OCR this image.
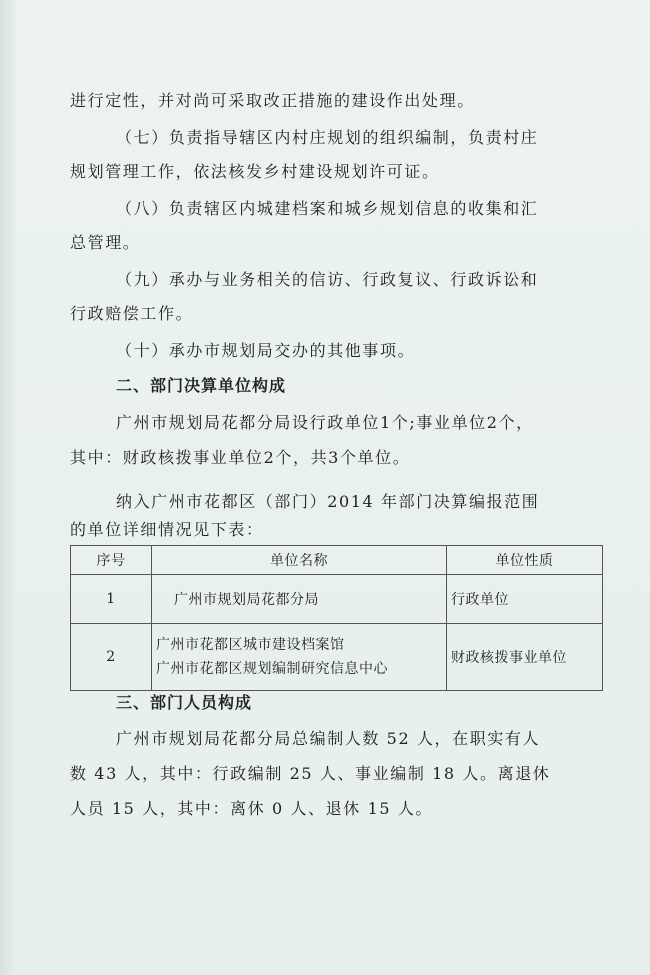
进行定性，并对尚可采取改正措施的建设作出处理。
（七）负责指导辖区内村庄规划的组织编制，负责村庄
规划管理工作，依法核发乡村建设规划许可证。
（八）负责辖区内城建档案和城乡规划信息的收集和汇
总管理。
（九）承办与业务相关的信访、行政复议、行政诉讼和
行政赔偿工作。
（十）承办市规划局交办的其他事项。
二、部门决算单位构成
广州市规划局花都分局设行政单位1个;事业单位2个，
其中：财政核拨事业单位2个，共3个单位。
纳入广州市花都区（部门）2014 年部门决算编报范围
的单位详细情况见下表：
序号	单位名称	单位性质
1	广州市规划局花都分局	行政单位
2	广州市花都区城市建设档案馆
广州市花都区规划编制研究信息中心	财政核拨事业单位
三、部门人员构成
广州市规划局花都分局总编制人数 52 人，在职实有人
数 43 人，其中：行政编制 25 人、事业编制 18 人。离退休
人员 15 人，其中：离休 0 人、退休 15 人。
